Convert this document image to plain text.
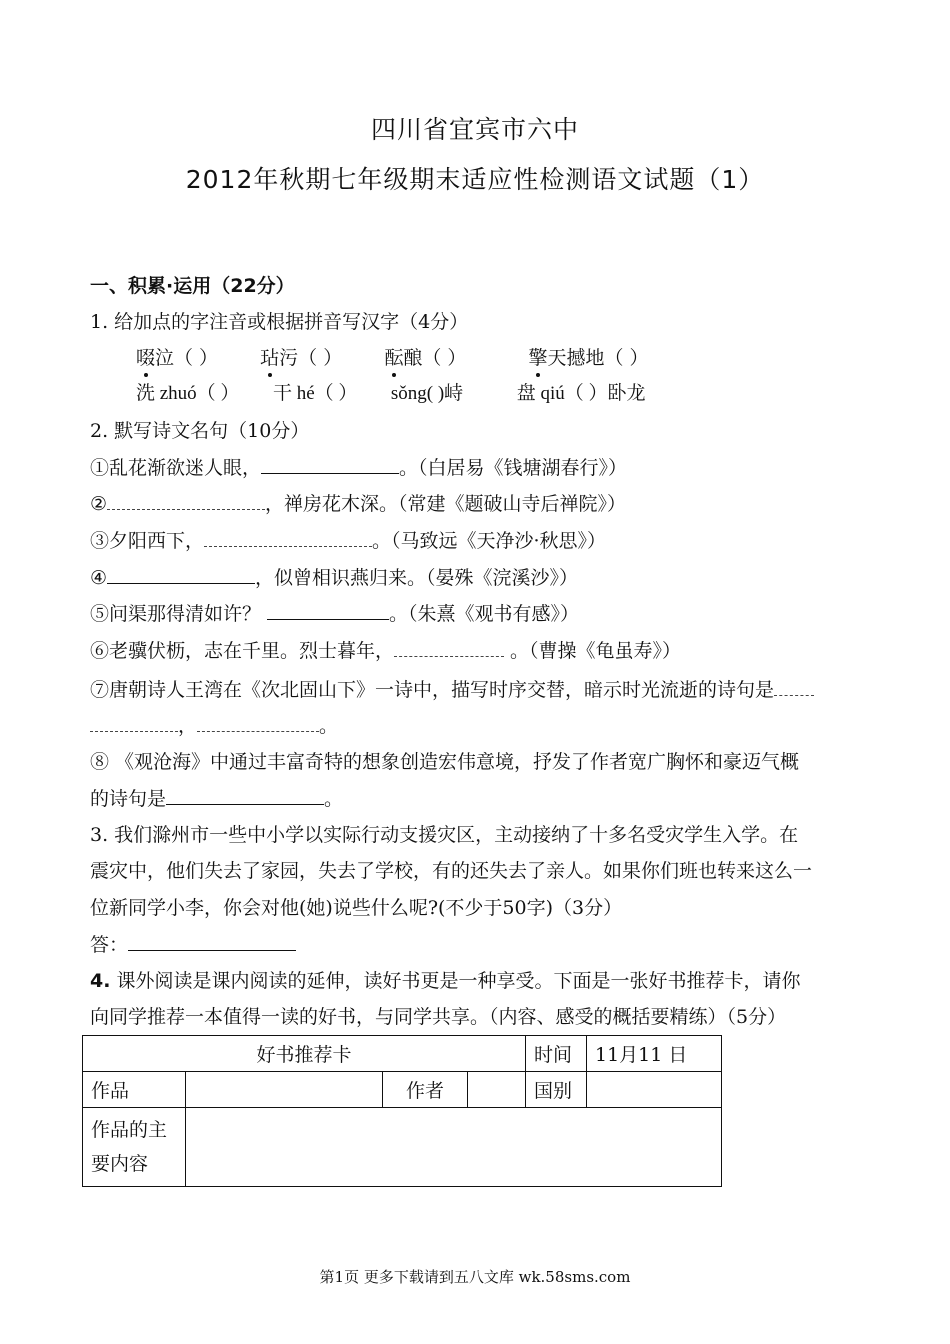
四川省宜宾市六中
2012年秋期七年级期末适应性检测语文试题（1）
一、积累·运用（22分）
1. 给加点的字注音或根据拼音写汉字（4分）
啜泣（ ） 玷污（ ） 酝酿（ ）	擎天撼地（ ）
洗 zhuó（ ） 干 hé（ ） sǒng( )峙	盘 qiú（ ）卧龙
2. 默写诗文名句（10分）
①乱花渐欲迷人眼，	。（白居易《钱塘湖春行》）
②	，禅房花木深。（常建《题破山寺后禅院》）
③夕阳西下，	。（马致远《天净沙·秋思》）
④	，似曾相识燕归来。（晏殊《浣溪沙》）
⑤问渠那得清如许？	。（朱熹《观书有感》）
⑥老骥伏枥，志在千里。烈士暮年，	。（曹操《龟虽寿》）
⑦唐朝诗人王湾在《次北固山下》一诗中，描写时序交替，暗示时光流逝的诗句是
，	。
⑧ 《观沧海》中通过丰富奇特的想象创造宏伟意境，抒发了作者宽广胸怀和豪迈气概
的诗句是	。
3. 我们滁州市一些中小学以实际行动支援灾区，主动接纳了十多名受灾学生入学。在
震灾中，他们失去了家园，失去了学校，有的还失去了亲人。如果你们班也转来这么一
位新同学小李，你会对他(她)说些什么呢?(不少于50字)（3分）
答：
4. 课外阅读是课内阅读的延伸，读好书更是一种享受。下面是一张好书推荐卡，请你
向同学推荐一本值得一读的好书，与同学共享。（内容、感受的概括要精练）（5分）
好书推荐卡				时间	11月11 日
作品		作者		国别	

作品的主要内容					

第1页 更多下载请到五八文库 wk.58sms.com
